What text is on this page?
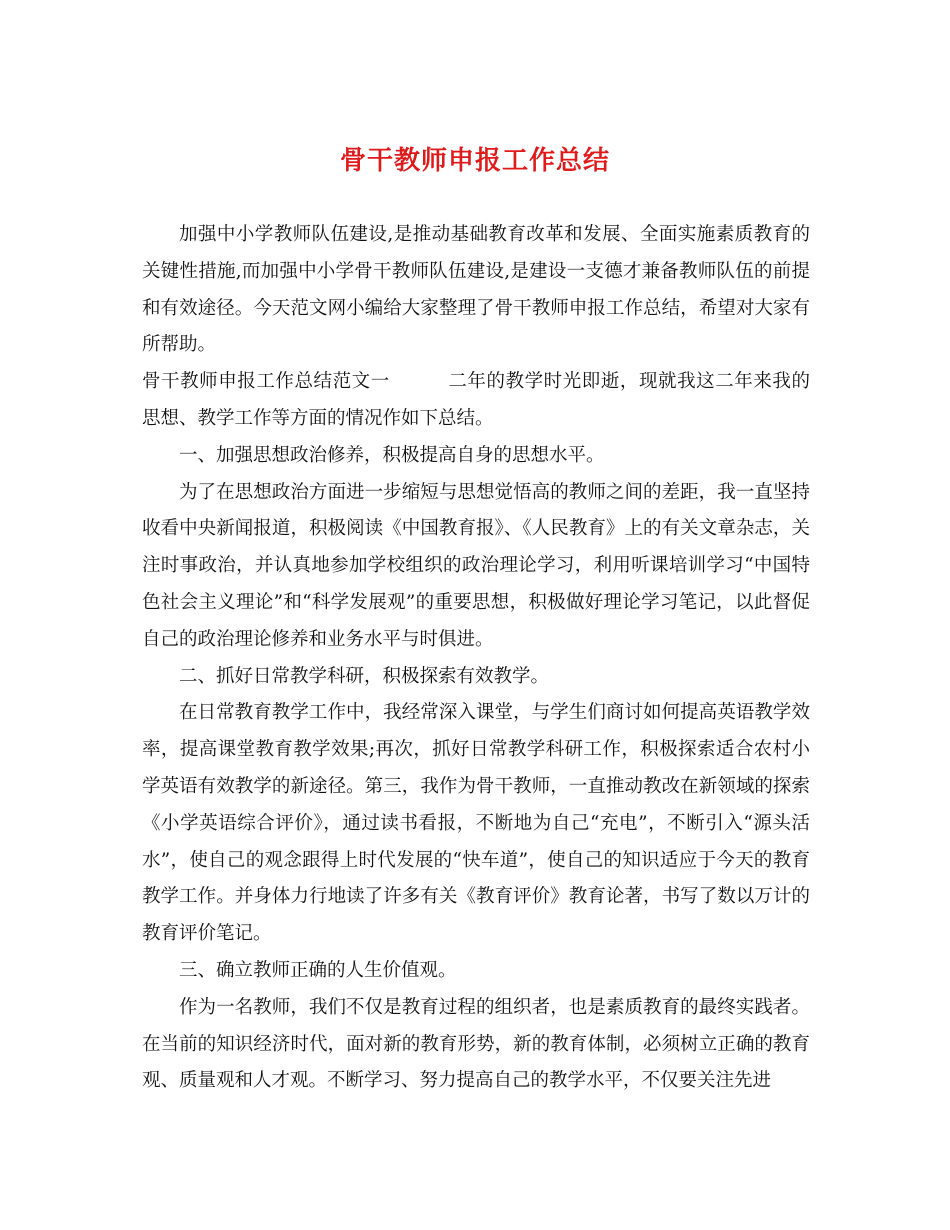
骨干教师申报工作总结

加强中小学教师队伍建设,是推动基础教育改革和发展、全面实施素质教育的关键性措施,而加强中小学骨干教师队伍建设,是建设一支德才兼备教师队伍的前提和有效途径。今天范文网小编给大家整理了骨干教师申报工作总结，希望对大家有所帮助。

骨干教师申报工作总结范文一	二年的教学时光即逝，现就我这二年来我的思想、教学工作等方面的情况作如下总结。

一、加强思想政治修养，积极提高自身的思想水平。

为了在思想政治方面进一步缩短与思想觉悟高的教师之间的差距，我一直坚持收看中央新闻报道，积极阅读《中国教育报》、《人民教育》上的有关文章杂志，关注时事政治，并认真地参加学校组织的政治理论学习，利用听课培训学习“中国特色社会主义理论”和“科学发展观”的重要思想，积极做好理论学习笔记，以此督促自己的政治理论修养和业务水平与时俱进。

二、抓好日常教学科研，积极探索有效教学。

在日常教育教学工作中，我经常深入课堂，与学生们商讨如何提高英语教学效率，提高课堂教育教学效果;再次，抓好日常教学科研工作，积极探索适合农村小学英语有效教学的新途径。第三，我作为骨干教师，一直推动教改在新领域的探索《小学英语综合评价》，通过读书看报，不断地为自己“充电”，不断引入“源头活水”，使自己的观念跟得上时代发展的“快车道”，使自己的知识适应于今天的教育教学工作。并身体力行地读了许多有关《教育评价》教育论著，书写了数以万计的教育评价笔记。

三、确立教师正确的人生价值观。

作为一名教师，我们不仅是教育过程的组织者，也是素质教育的最终实践者。在当前的知识经济时代，面对新的教育形势，新的教育体制，必须树立正确的教育观、质量观和人才观。不断学习、努力提高自己的教学水平，不仅要关注先进
